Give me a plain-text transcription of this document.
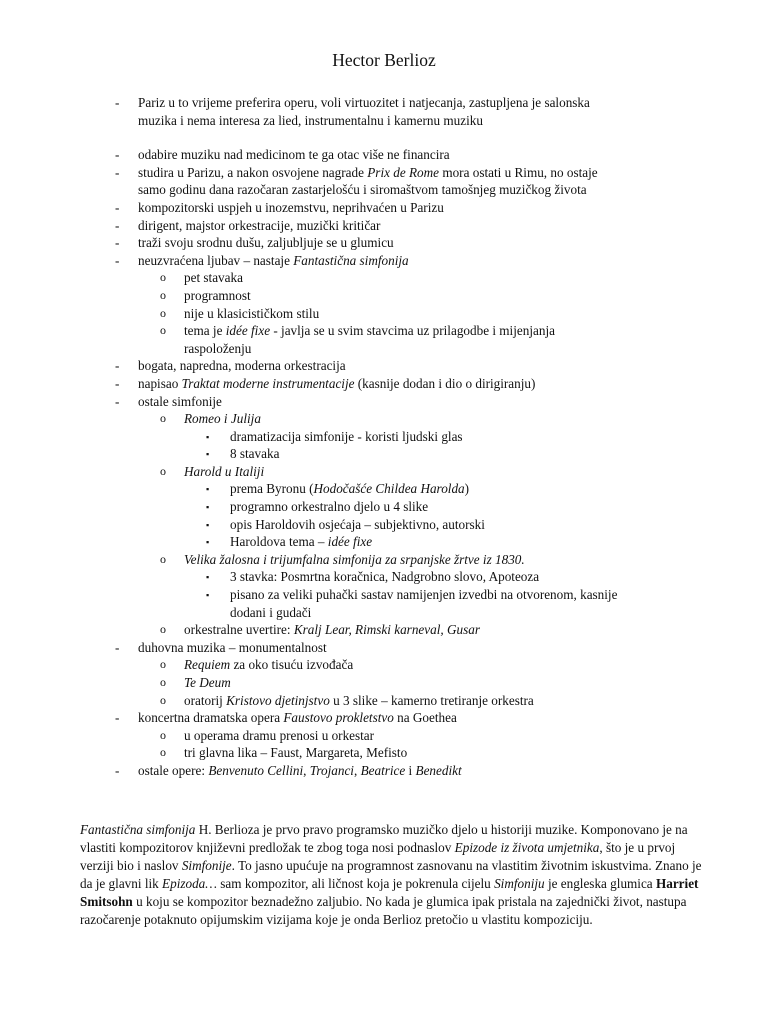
Hector Berlioz
- Pariz u to vrijeme preferira operu, voli virtuozitet i natjecanja, zastupljena je salonska muzika i nema interesa za lied, instrumentalnu i kamernu muziku
- odabire muziku nad medicinom te ga otac više ne financira
- studira u Parizu, a nakon osvojene nagrade Prix de Rome mora ostati u Rimu, no ostaje samo godinu dana razočaran zastarjelošću i siromaštvom tamošnjeg muzičkog života
- kompozitorski uspjeh u inozemstvu, neprihvaćen u Parizu
- dirigent, majstor orkestracije, muzički kritičar
- traži svoju srodnu dušu, zaljubljuje se u glumicu
- neuzvraćena ljubav – nastaje Fantastična simfonija
o pet stavaka
o programnost
o nije u klasicističkom stilu
o tema je idée fixe - javlja se u svim stavcima uz prilagodbe i mijenjanja raspoloženju
- bogata, napredna, moderna orkestracija
- napisao Traktat moderne instrumentacije (kasnije dodan i dio o dirigiranju)
- ostale simfonije
o Romeo i Julija
▪ dramatizacija simfonije - koristi ljudski glas
▪ 8 stavaka
o Harold u Italiji
▪ prema Byronu (Hodočašće Childea Harolda)
▪ programno orkestralno djelo u 4 slike
▪ opis Haroldovih osjećaja – subjektivno, autorski
▪ Haroldova tema – idée fixe
o Velika žalosna i trijumfalna simfonija za srpanjske žrtve iz 1830.
▪ 3 stavka: Posmrtna koračnica, Nadgrobno slovo, Apoteoza
▪ pisano za veliki puhački sastav namijenjen izvedbi na otvorenom, kasnije dodani i gudači
o orkestralne uvertire: Kralj Lear, Rimski karneval, Gusar
- duhovna muzika – monumentalnost
o Requiem za oko tisuću izvođača
o Te Deum
o oratorij Kristovo djetinjstvo u 3 slike – kamerno tretiranje orkestra
- koncertna dramatska opera Faustovo prokletstvo na Goethea
o u operama dramu prenosi u orkestar
o tri glavna lika – Faust, Margareta, Mefisto
- ostale opere: Benvenuto Cellini, Trojanci, Beatrice i Benedikt

Fantastična simfonija H. Berlioza je prvo pravo programsko muzičko djelo u historiji muzike. Komponovano je na vlastiti kompozitorov književni predložak te zbog toga nosi podnaslov Epizode iz života umjetnika, što je u prvoj verziji bio i naslov Simfonije. To jasno upućuje na programnost zasnovanu na vlastitim životnim iskustvima. Znano je da je glavni lik Epizoda… sam kompozitor, ali ličnost koja je pokrenula cijelu Simfoniju je engleska glumica Harriet Smitsohn u koju se kompozitor beznadežno zaljubio. No kada je glumica ipak pristala na zajednički život, nastupa razočarenje potaknuto opijumskim vizijama koje je onda Berlioz pretočio u vlastitu kompoziciju.
